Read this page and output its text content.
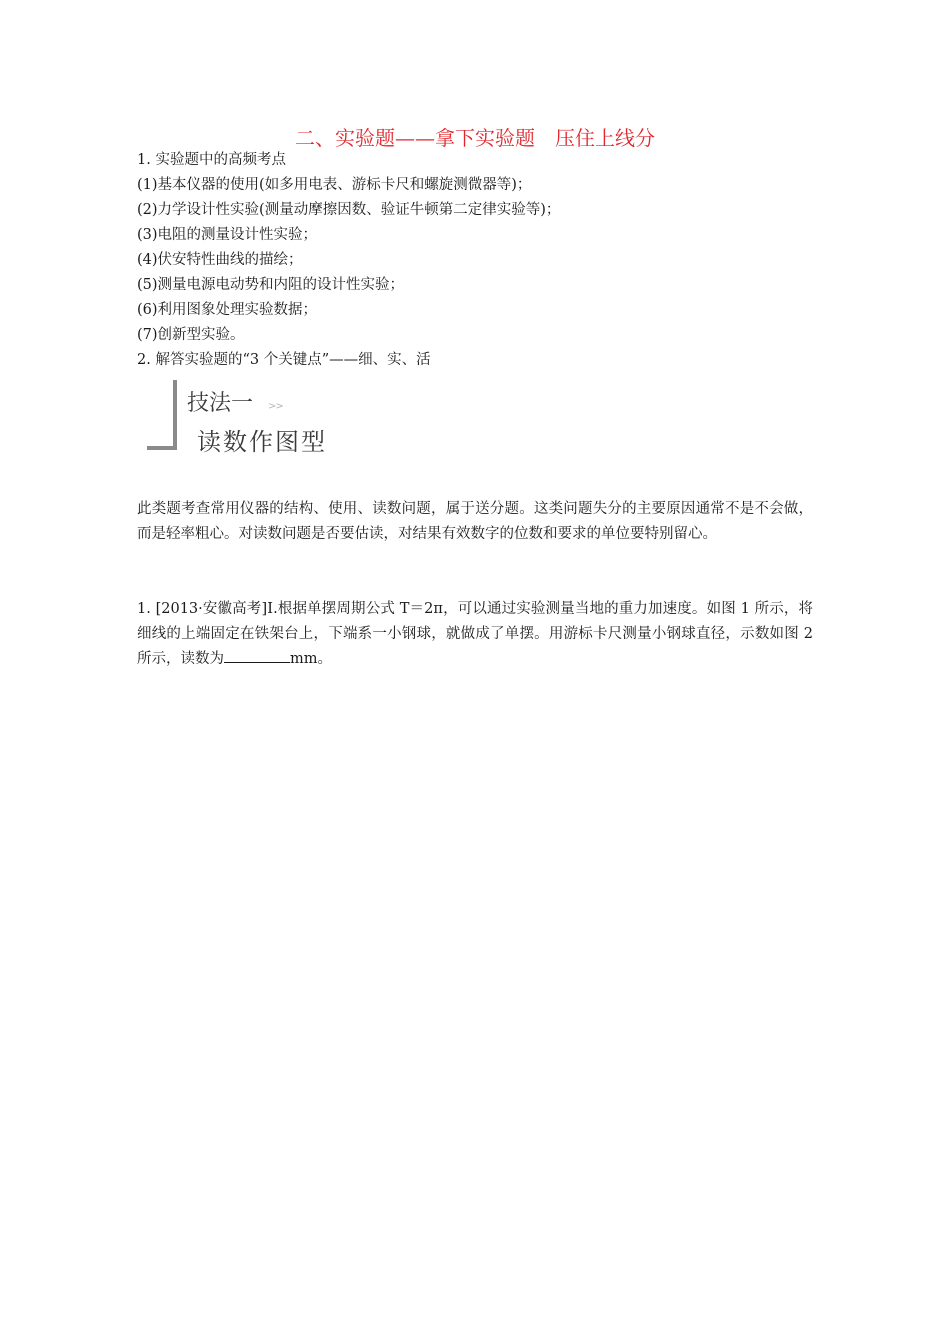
二、实验题——拿下实验题　压住上线分
1. 实验题中的高频考点
(1)基本仪器的使用(如多用电表、游标卡尺和螺旋测微器等)；
(2)力学设计性实验(测量动摩擦因数、验证牛顿第二定律实验等)；
(3)电阻的测量设计性实验；
(4)伏安特性曲线的描绘；
(5)测量电源电动势和内阻的设计性实验；
(6)利用图象处理实验数据；
(7)创新型实验。
2. 解答实验题的“3 个关键点”——细、实、活
技法一 >>
读数作图型
此类题考查常用仪器的结构、使用、读数问题，属于送分题。这类问题失分的主要原因通常不是不会做，而是轻率粗心。对读数问题是否要估读，对结果有效数字的位数和要求的单位要特别留心。
1. [2013·安徽高考]Ⅰ.根据单摆周期公式 T＝2π，可以通过实验测量当地的重力加速度。如图 1 所示，将细线的上端固定在铁架台上，下端系一小钢球，就做成了单摆。用游标卡尺测量小钢球直径，示数如图 2 所示，读数为	mm。
